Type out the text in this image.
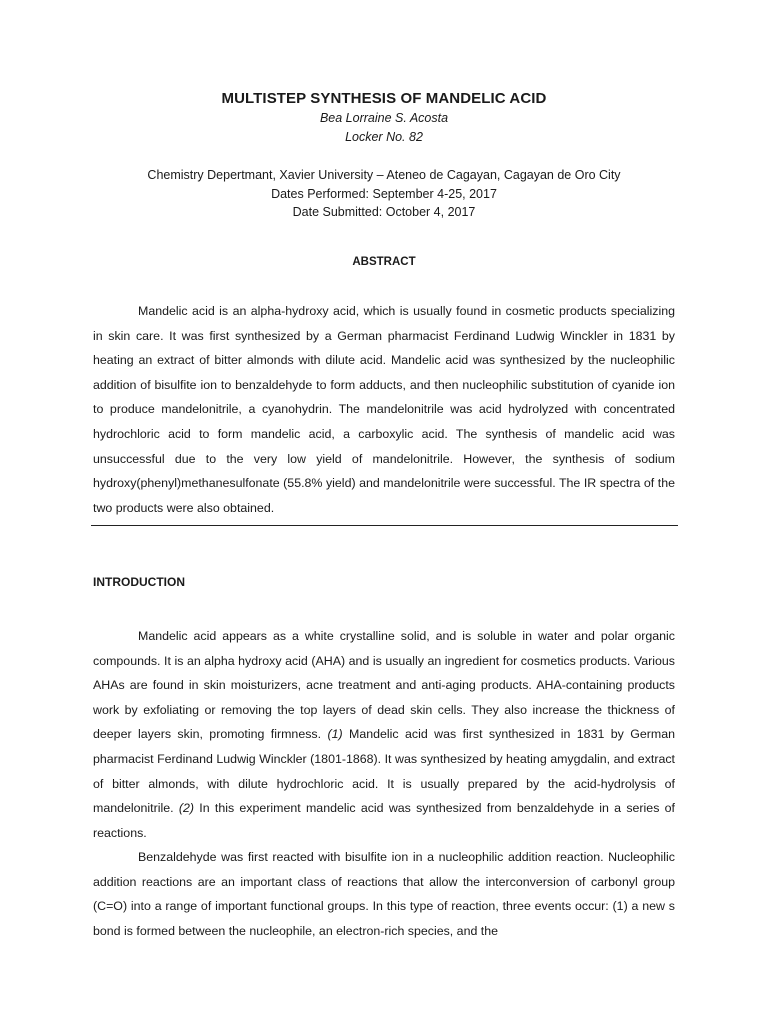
MULTISTEP SYNTHESIS OF MANDELIC ACID
Bea Lorraine S. Acosta
Locker No. 82
Chemistry Depertmant, Xavier University – Ateneo de Cagayan, Cagayan de Oro City
Dates Performed: September 4-25, 2017
Date Submitted: October 4, 2017
ABSTRACT
Mandelic acid is an alpha-hydroxy acid, which is usually found in cosmetic products specializing in skin care. It was first synthesized by a German pharmacist Ferdinand Ludwig Winckler in 1831 by heating an extract of bitter almonds with dilute acid. Mandelic acid was synthesized by the nucleophilic addition of bisulfite ion to benzaldehyde to form adducts, and then nucleophilic substitution of cyanide ion to produce mandelonitrile, a cyanohydrin. The mandelonitrile was acid hydrolyzed with concentrated hydrochloric acid to form mandelic acid, a carboxylic acid. The synthesis of mandelic acid was unsuccessful due to the very low yield of mandelonitrile. However, the synthesis of sodium hydroxy(phenyl)methanesulfonate (55.8% yield) and mandelonitrile were successful. The IR spectra of the two products were also obtained.
INTRODUCTION
Mandelic acid appears as a white crystalline solid, and is soluble in water and polar organic compounds. It is an alpha hydroxy acid (AHA) and is usually an ingredient for cosmetics products. Various AHAs are found in skin moisturizers, acne treatment and anti-aging products. AHA-containing products work by exfoliating or removing the top layers of dead skin cells. They also increase the thickness of deeper layers skin, promoting firmness. (1) Mandelic acid was first synthesized in 1831 by German pharmacist Ferdinand Ludwig Winckler (1801-1868). It was synthesized by heating amygdalin, and extract of bitter almonds, with dilute hydrochloric acid. It is usually prepared by the acid-hydrolysis of mandelonitrile. (2) In this experiment mandelic acid was synthesized from benzaldehyde in a series of reactions.
Benzaldehyde was first reacted with bisulfite ion in a nucleophilic addition reaction. Nucleophilic addition reactions are an important class of reactions that allow the interconversion of carbonyl group (C=O) into a range of important functional groups. In this type of reaction, three events occur: (1) a new s bond is formed between the nucleophile, an electron-rich species, and the
